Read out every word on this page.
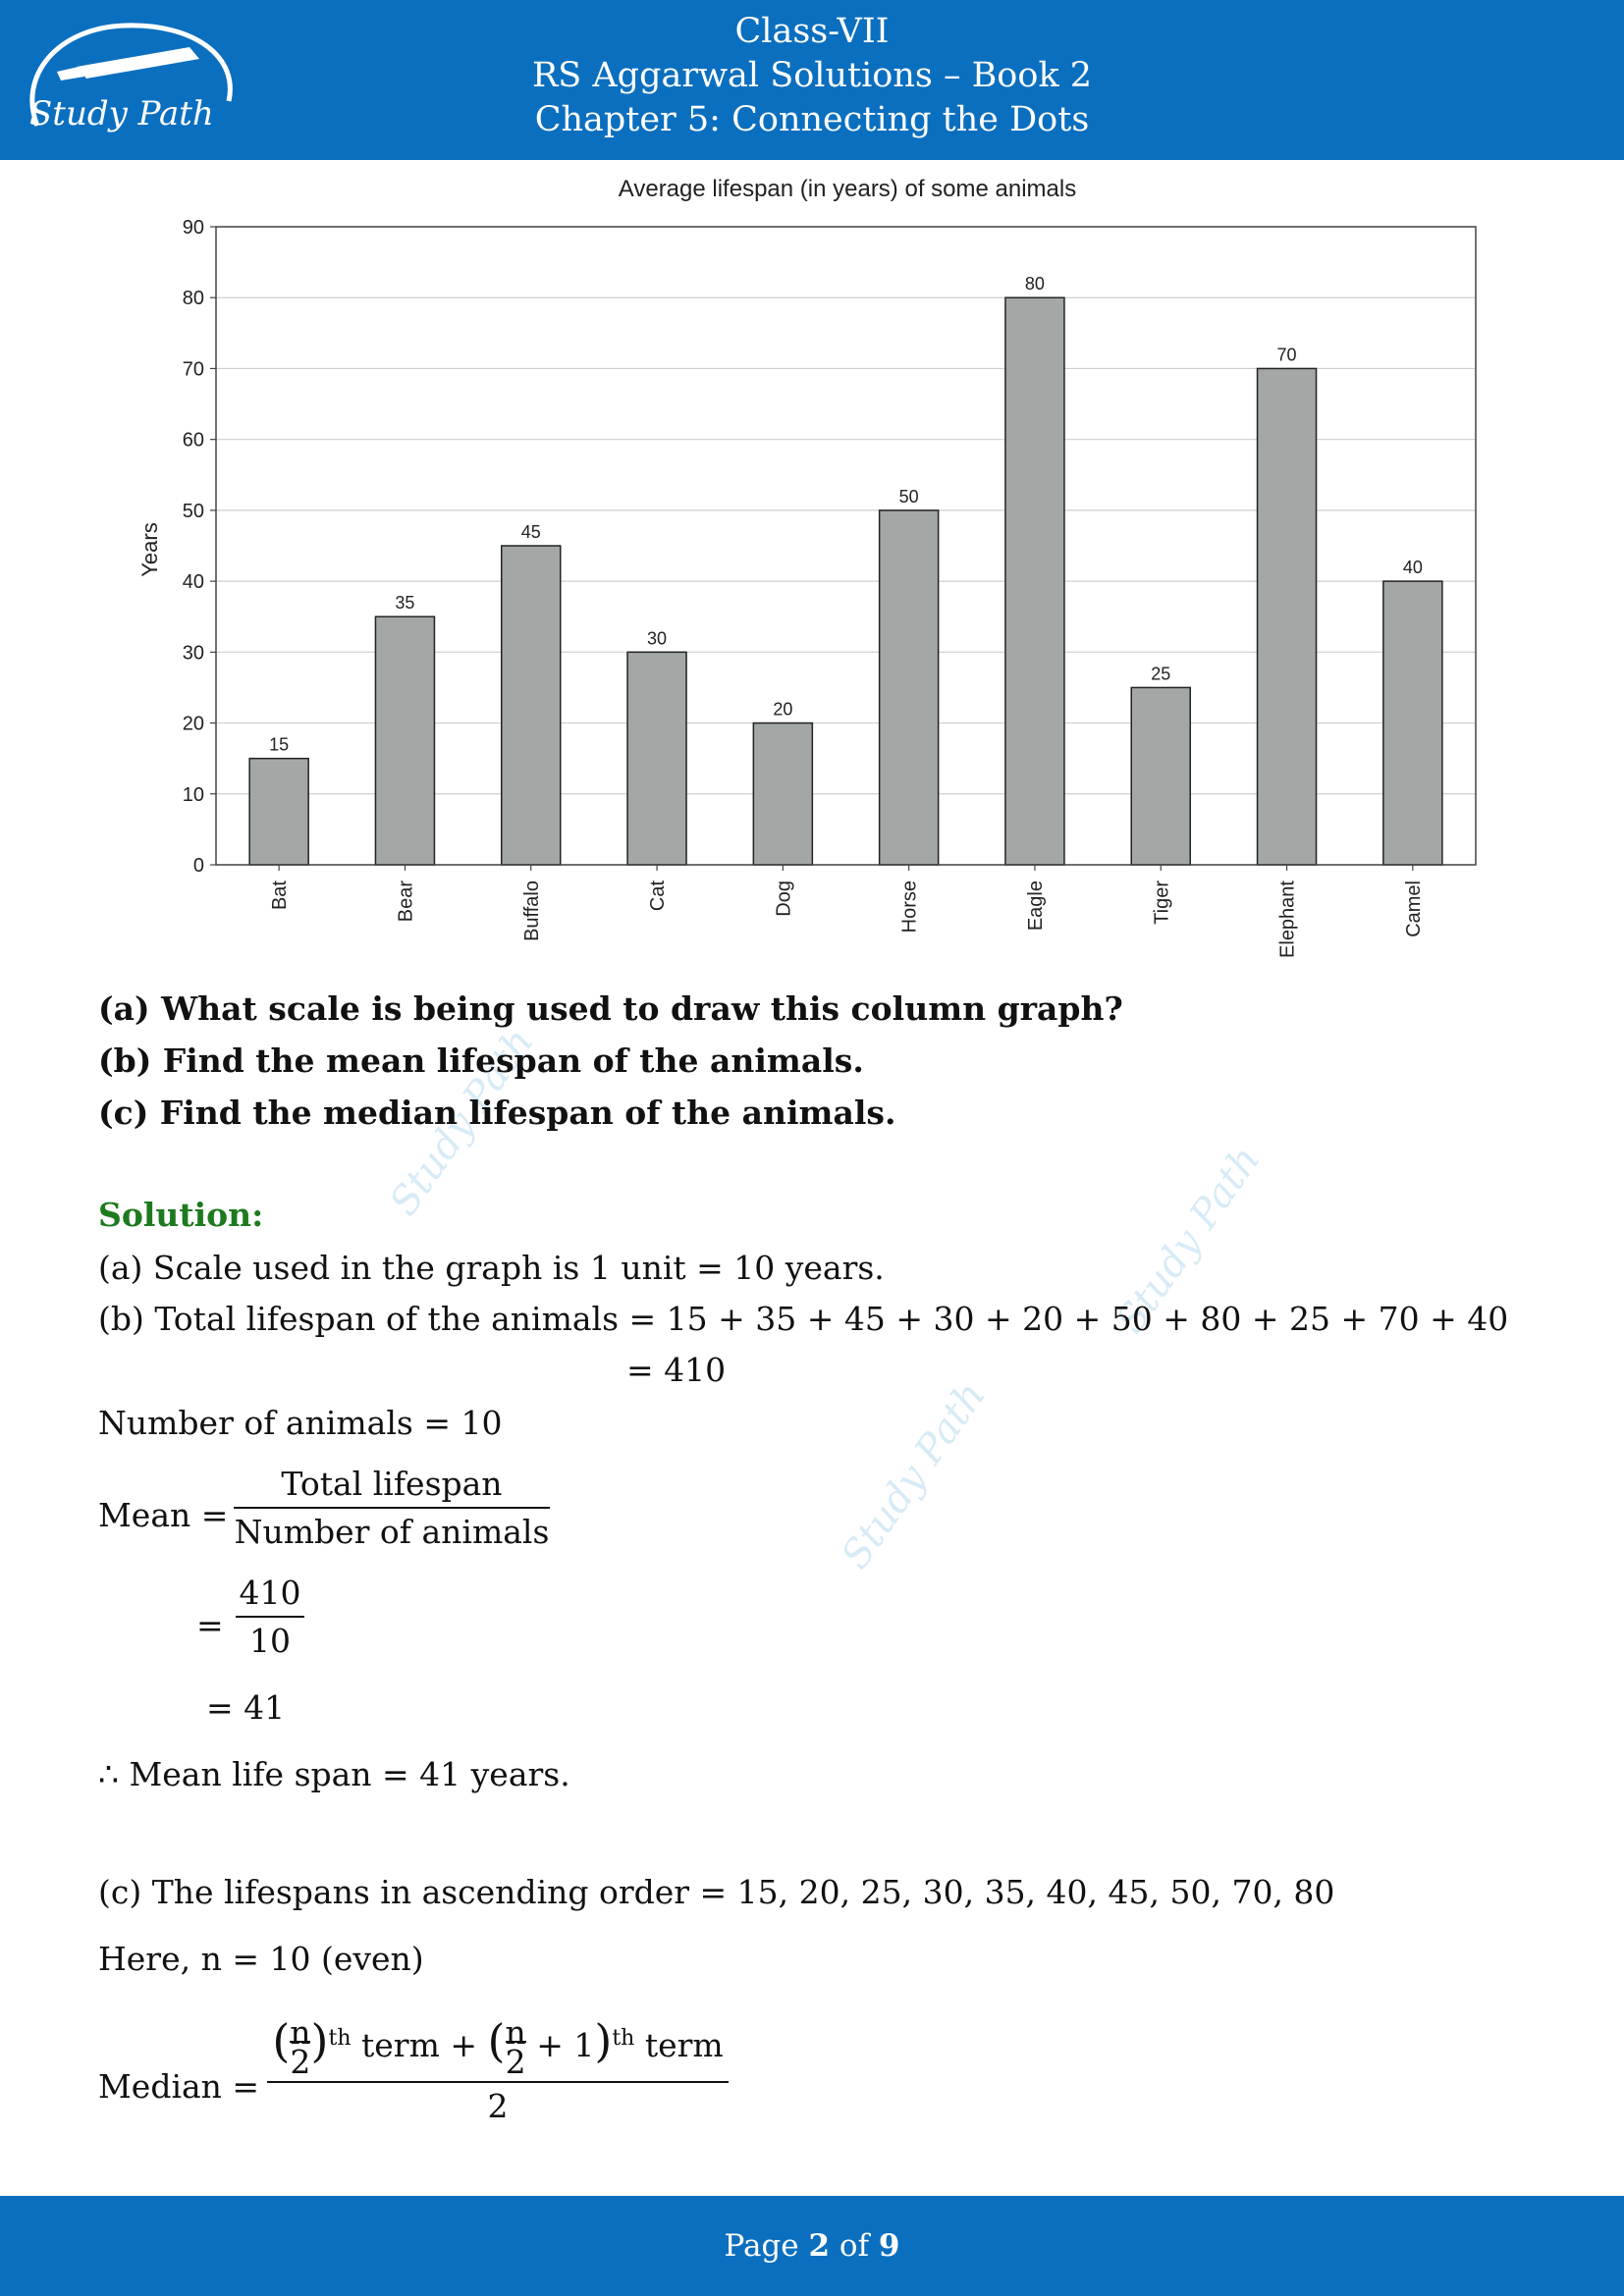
Study Path
Class-VII
RS Aggarwal Solutions – Book 2
Chapter 5: Connecting the Dots
Study Path
Study Path
Study Path
Average lifespan (in years) of some animals
Years
0
10
20
30
40
50
60
70
80
90
15
35
45
30
20
50
80
25
70
40
Bat	Bear	Buffalo	Cat	Dog	Horse	Eagle	Tiger	Elephant	Camel
(a) What scale is being used to draw this column graph?
(b) Find the mean lifespan of the animals.
(c) Find the median lifespan of the animals.
Solution:
(a) Scale used in the graph is 1 unit = 10 years.
(b) Total lifespan of the animals = 15 + 35 + 45 + 30 + 20 + 50 + 80 + 25 + 70 + 40
= 410
Number of animals = 10
Mean =
Total lifespan
Number of animals
=
410
10
= 41
∴ Mean life span = 41 years.
(c) The lifespans in ascending order = 15, 20, 25, 30, 35, 40, 45, 50, 70, 80
Here, n = 10 (even)
Median =
(n
2)$^{th}$ term + (n
2 + 1)$^{th}$ term
2
Page 2 of 9
